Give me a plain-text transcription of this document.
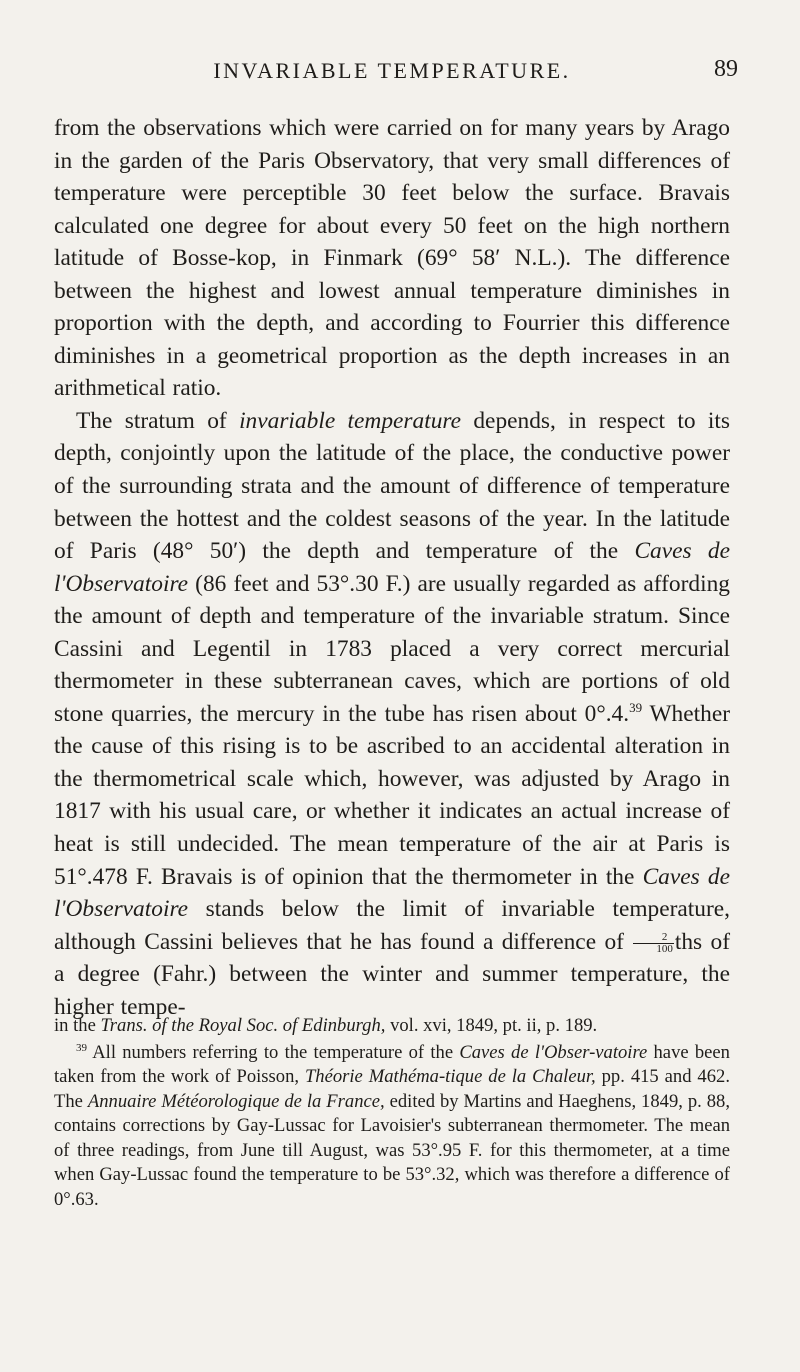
INVARIABLE TEMPERATURE.	89

from the observations which were carried on for many years by Arago in the garden of the Paris Observatory, that very small differences of temperature were perceptible 30 feet below the surface. Bravais calculated one degree for about every 50 feet on the high northern latitude of Bosse-kop, in Finmark (69° 58′ N.L.). The difference between the highest and lowest annual temperature diminishes in proportion with the depth, and according to Fourrier this difference diminishes in a geometrical proportion as the depth increases in an arithmetical ratio.

The stratum of invariable temperature depends, in respect to its depth, conjointly upon the latitude of the place, the conductive power of the surrounding strata and the amount of difference of temperature between the hottest and the coldest seasons of the year. In the latitude of Paris (48° 50′) the depth and temperature of the Caves de l'Observatoire (86 feet and 53°.30 F.) are usually regarded as affording the amount of depth and temperature of the invariable stratum. Since Cassini and Legentil in 1783 placed a very correct mercurial thermometer in these subterranean caves, which are portions of old stone quarries, the mercury in the tube has risen about 0°.4.39 Whether the cause of this rising is to be ascribed to an accidental alteration in the thermometrical scale which, however, was adjusted by Arago in 1817 with his usual care, or whether it indicates an actual increase of heat is still undecided. The mean temperature of the air at Paris is 51°.478 F. Bravais is of opinion that the thermometer in the Caves de l'Observatoire stands below the limit of invariable temperature, although Cassini believes that he has found a difference of $\frac{2}{100}$ ths of a degree (Fahr.) between the winter and summer temperature, the higher tempe-

in the Trans. of the Royal Soc. of Edinburgh, vol. xvi, 1849, pt. ii, p. 189.

$^{39}$ All numbers referring to the temperature of the Caves de l'Obser-vatoire have been taken from the work of Poisson, Théorie Mathéma-tique de la Chaleur, pp. 415 and 462. The Annuaire Météorologique de la France, edited by Martins and Haeghens, 1849, p. 88, contains corrections by Gay-Lussac for Lavoisier's subterranean thermometer. The mean of three readings, from June till August, was 53°.95 F. for this thermometer, at a time when Gay-Lussac found the temperature to be 53°.32, which was therefore a difference of 0°.63.
